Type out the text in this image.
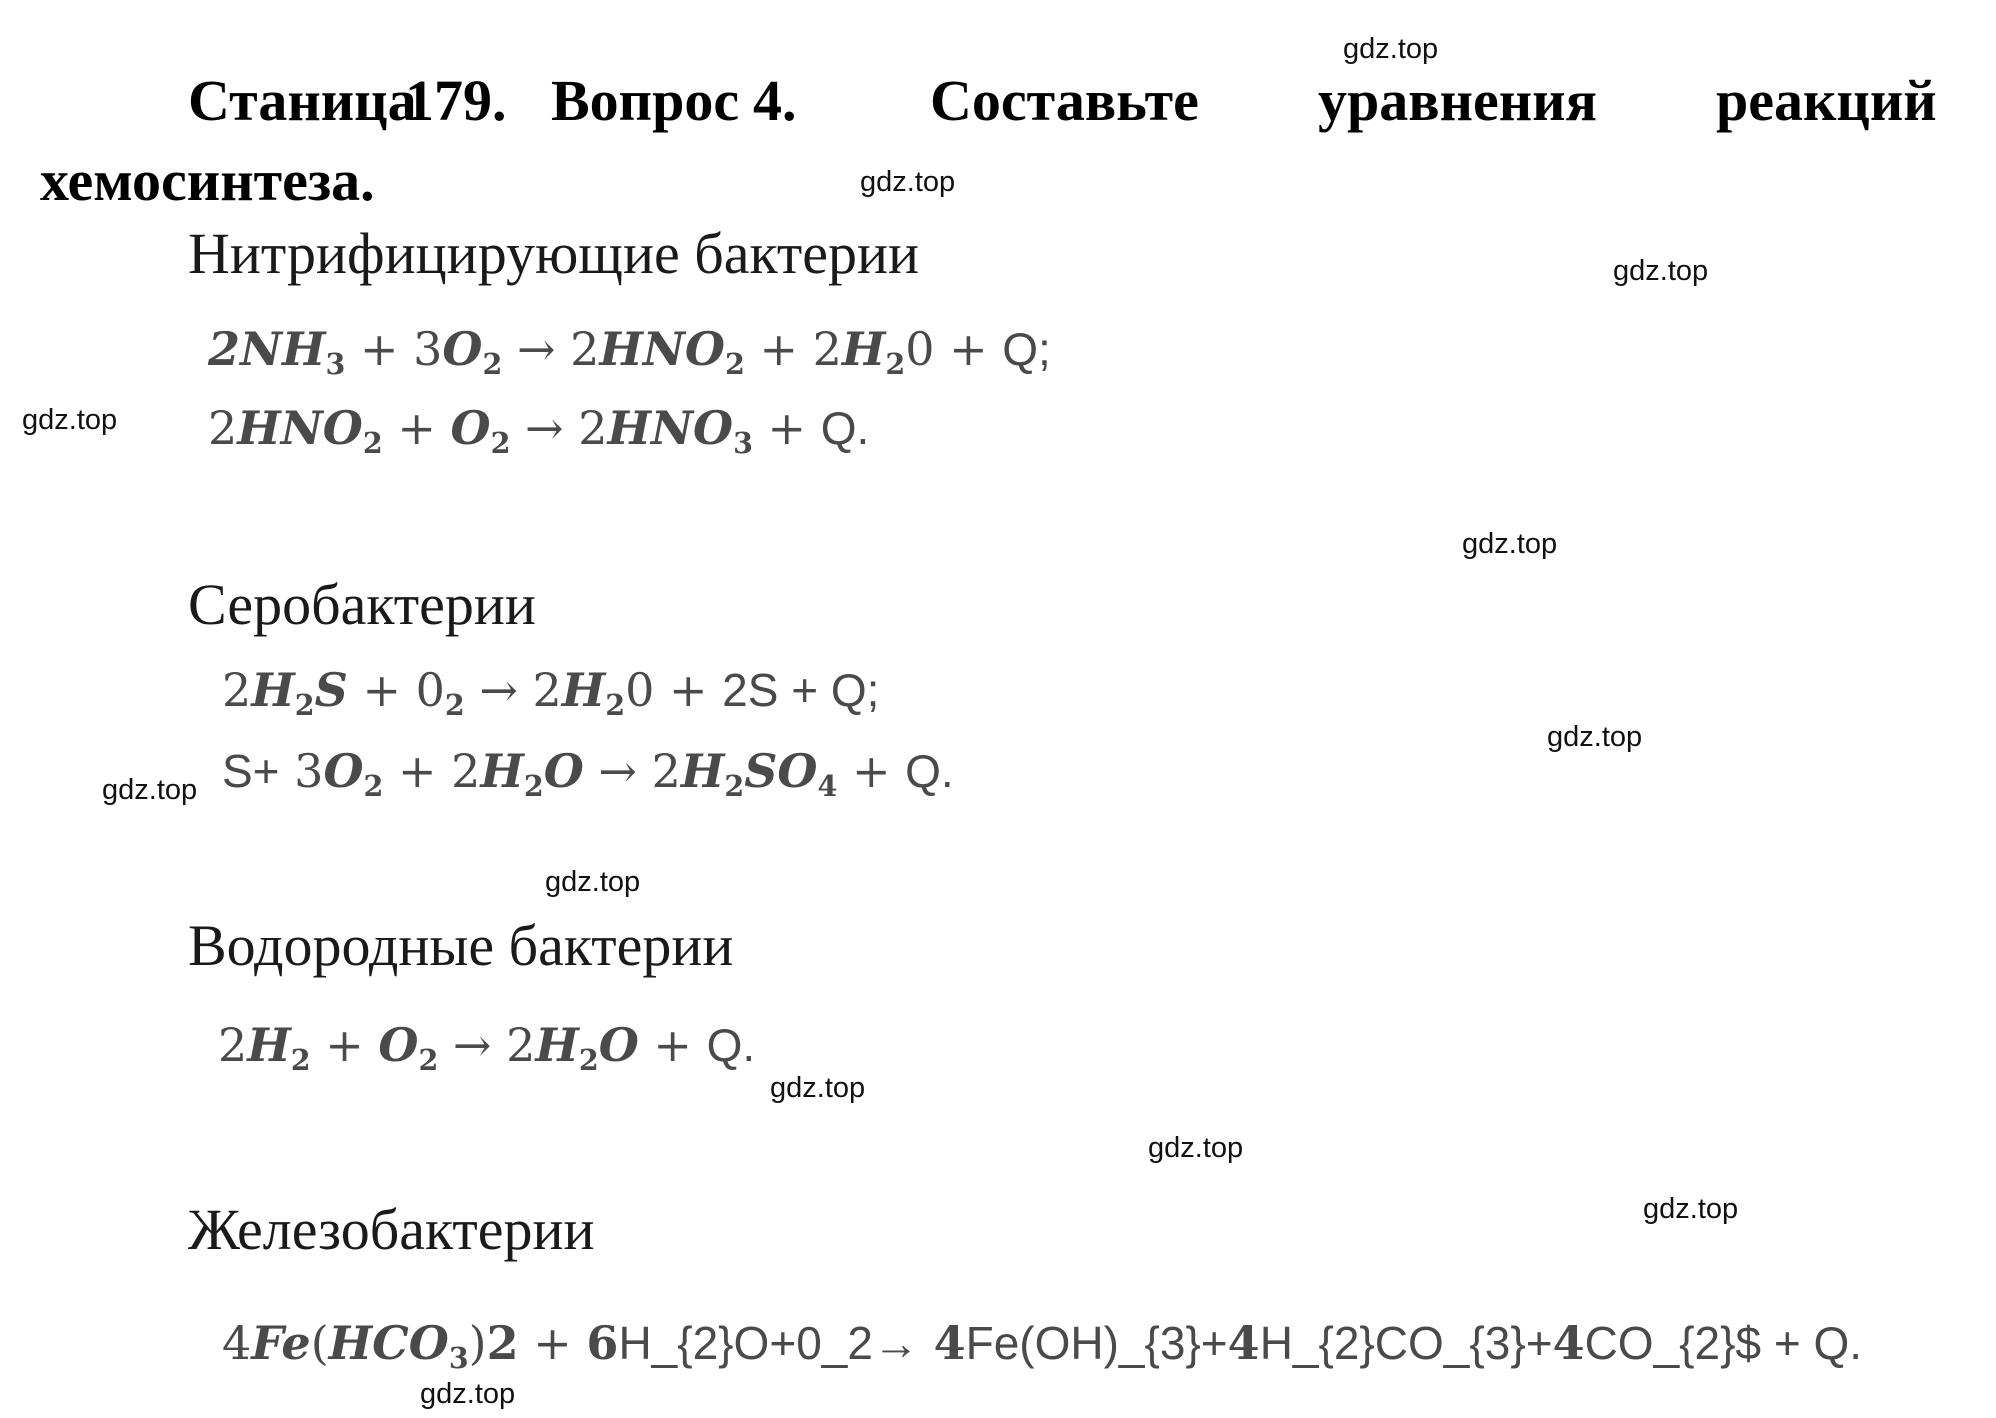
Станица
179. Вопрос 4. Составьте уравнения реакций
хемосинтеза.
Нитрифицирующие бактерии
$2NH_3 + 3O_2 \to 2HNO_2 + 2H_20 + Q$;
$2HNO_2 + O_2 \to 2HNO_3 + Q$.
Серобактерии
$2H_2S + 0_2 \to 2H_20 + 2S + Q$;
$S+ 3O_2 + 2H_2O \to 2H_2SO_4 + Q$.
Водородные бактерии
$2H_2 + O_2 \to 2H_2O + Q$.
Железобактерии
$4Fe(HCO_3)2$ + 6H_{2}O+0_2→ 4Fe(OH)_{3}+4H_{2}CO_{3}+4CO_{2}$ + Q.
gdz.top
gdz.top
gdz.top
gdz.top
gdz.top
gdz.top
gdz.top
gdz.top
gdz.top
gdz.top
gdz.top
gdz.top
